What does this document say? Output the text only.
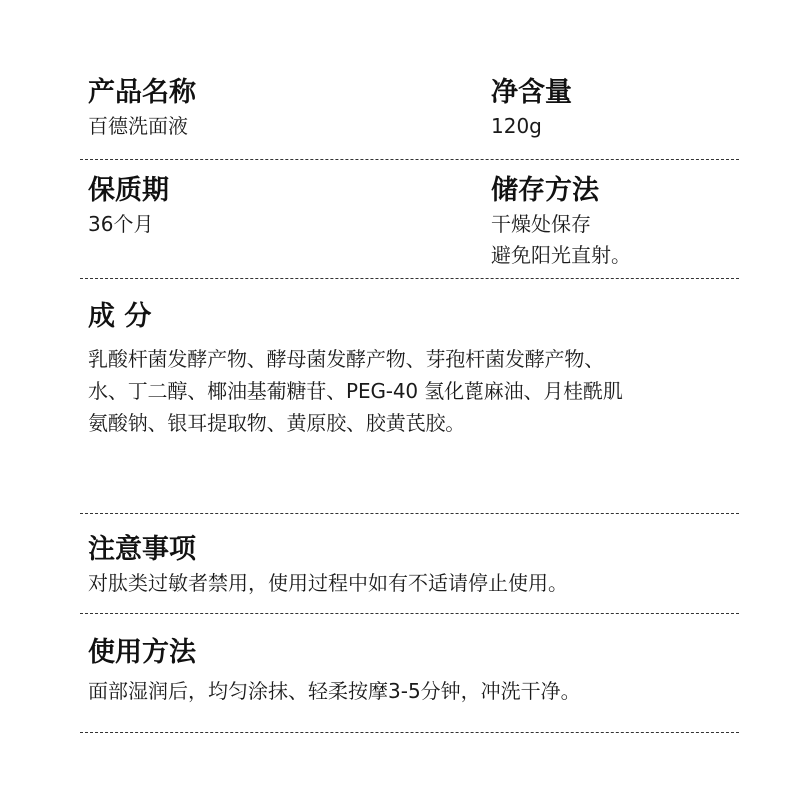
产品名称
百德洗面液
净含量
120g
保质期
36个月
储存方法
干燥处保存
避免阳光直射。
成 分
乳酸杆菌发酵产物、酵母菌发酵产物、芽孢杆菌发酵产物、
水、丁二醇、椰油基葡糖苷、PEG-40 氢化蓖麻油、月桂酰肌
氨酸钠、银耳提取物、黄原胶、胶黄芪胶。
注意事项
对肽类过敏者禁用，使用过程中如有不适请停止使用。
使用方法
面部湿润后，均匀涂抹、轻柔按摩3-5分钟，冲洗干净。
